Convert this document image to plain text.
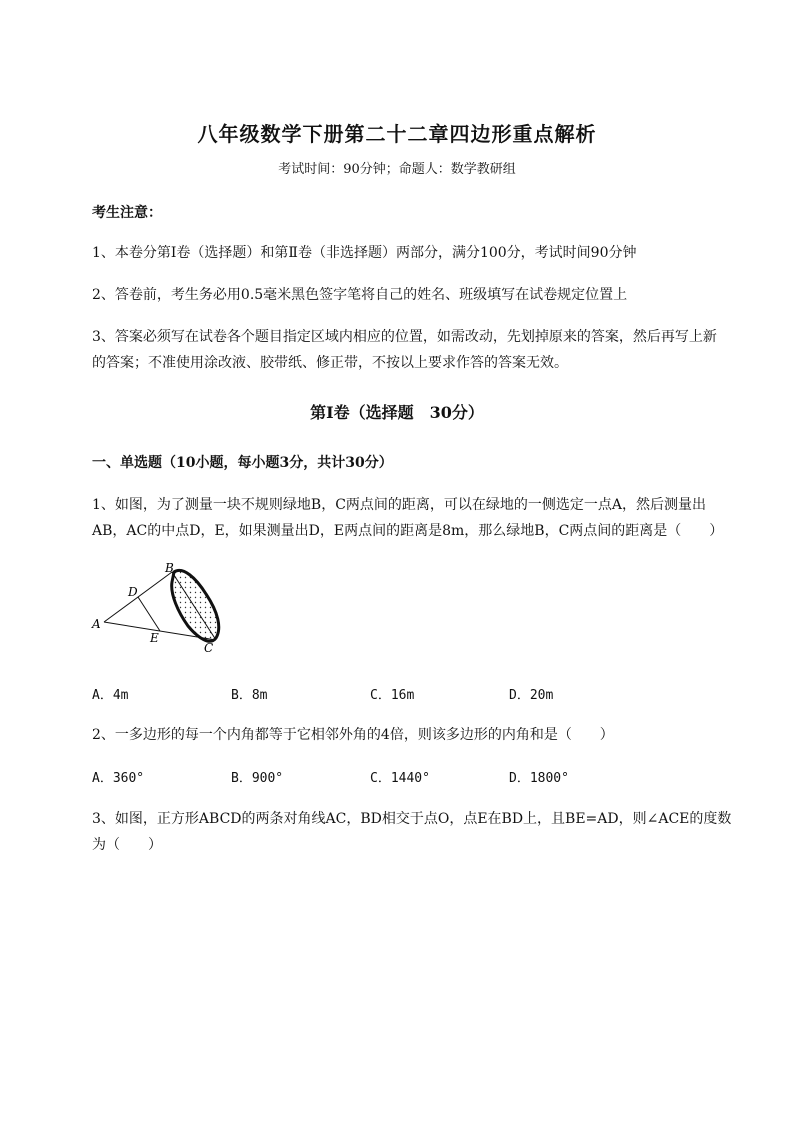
八年级数学下册第二十二章四边形重点解析
考试时间：90分钟；命题人：数学教研组
考生注意：
1、本卷分第I卷（选择题）和第Ⅱ卷（非选择题）两部分，满分100分，考试时间90分钟
2、答卷前，考生务必用0.5毫米黑色签字笔将自己的姓名、班级填写在试卷规定位置上
3、答案必须写在试卷各个题目指定区域内相应的位置，如需改动，先划掉原来的答案，然后再写上新
的答案；不准使用涂改液、胶带纸、修正带，不按以上要求作答的答案无效。
第I卷（选择题　30分）
一、单选题（10小题，每小题3分，共计30分）
1、如图，为了测量一块不规则绿地B，C两点间的距离，可以在绿地的一侧选定一点A，然后测量出
AB，AC的中点D，E，如果测量出D，E两点间的距离是8m，那么绿地B，C两点间的距离是（　　）
A
B
C
D
E
A．4m	B．8m	C．16m	D．20m
2、一多边形的每一个内角都等于它相邻外角的4倍，则该多边形的内角和是（　　）
A．360°	B．900°	C．1440°	D．1800°
3、如图，正方形ABCD的两条对角线AC，BD相交于点O，点E在BD上，且BE=AD，则∠ACE的度数
为（　　）
